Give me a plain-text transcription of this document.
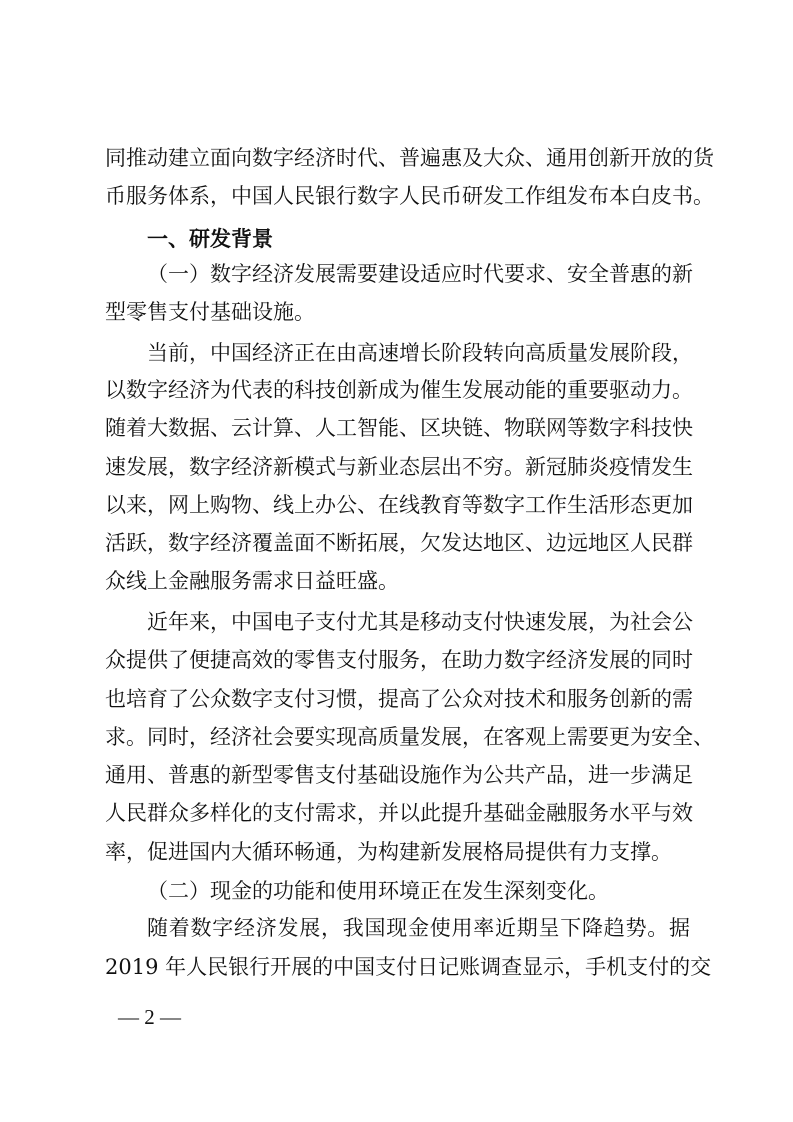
同推动建立面向数字经济时代、普遍惠及大众、通用创新开放的货
币服务体系，中国人民银行数字人民币研发工作组发布本白皮书。
一、研发背景
（一）数字经济发展需要建设适应时代要求、安全普惠的新
型零售支付基础设施。
当前，中国经济正在由高速增长阶段转向高质量发展阶段，
以数字经济为代表的科技创新成为催生发展动能的重要驱动力。
随着大数据、云计算、人工智能、区块链、物联网等数字科技快
速发展，数字经济新模式与新业态层出不穷。新冠肺炎疫情发生
以来，网上购物、线上办公、在线教育等数字工作生活形态更加
活跃，数字经济覆盖面不断拓展，欠发达地区、边远地区人民群
众线上金融服务需求日益旺盛。
近年来，中国电子支付尤其是移动支付快速发展，为社会公
众提供了便捷高效的零售支付服务，在助力数字经济发展的同时
也培育了公众数字支付习惯，提高了公众对技术和服务创新的需
求。同时，经济社会要实现高质量发展，在客观上需要更为安全、
通用、普惠的新型零售支付基础设施作为公共产品，进一步满足
人民群众多样化的支付需求，并以此提升基础金融服务水平与效
率，促进国内大循环畅通，为构建新发展格局提供有力支撑。
（二）现金的功能和使用环境正在发生深刻变化。
随着数字经济发展，我国现金使用率近期呈下降趋势。据
2019 年人民银行开展的中国支付日记账调查显示，手机支付的交
— 2 —
